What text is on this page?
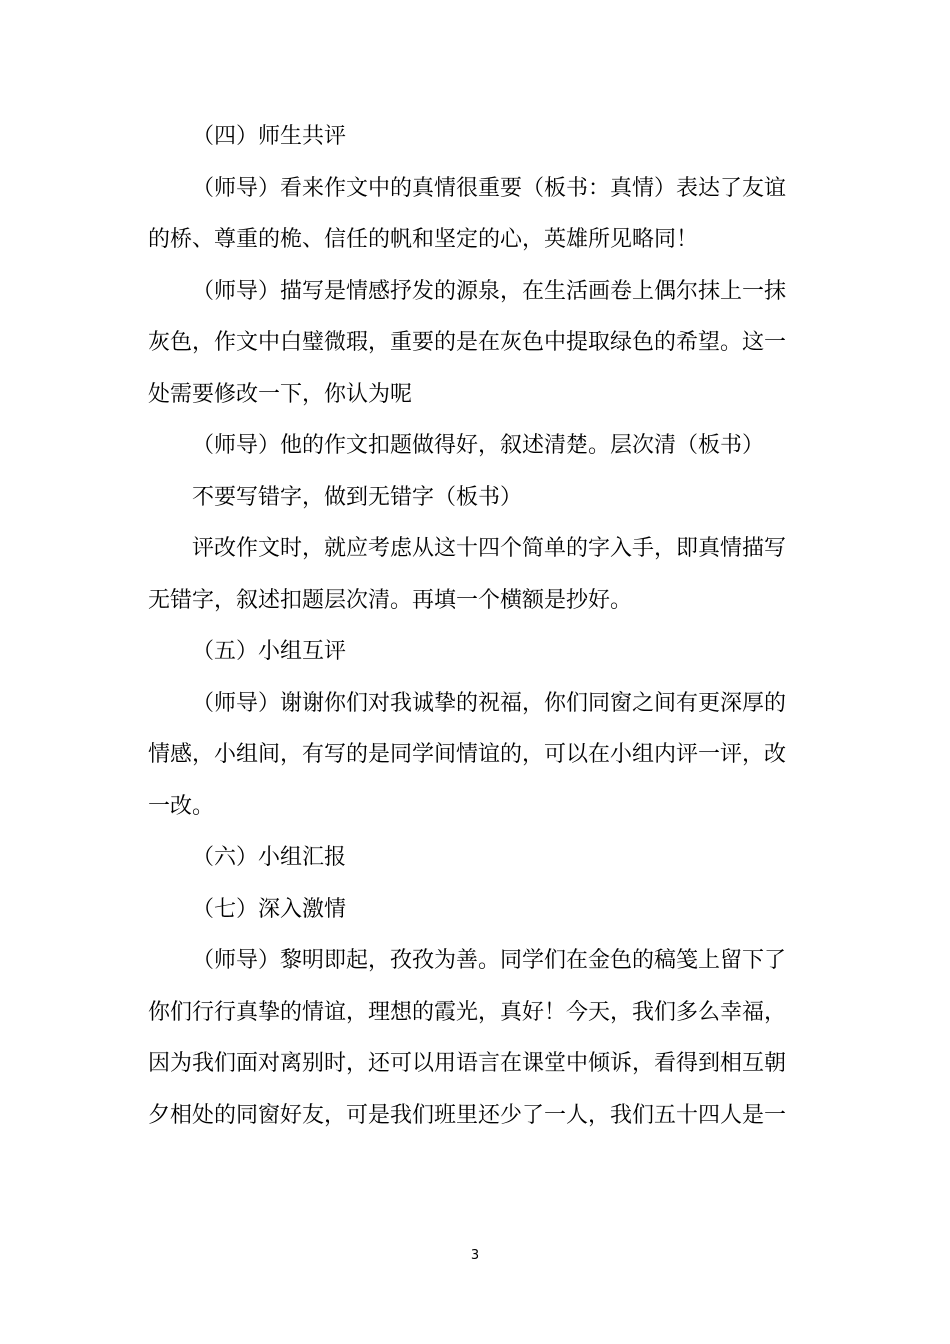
（四）师生共评
（师导）看来作文中的真情很重要（板书：真情）表达了友谊
的桥、尊重的桅、信任的帆和坚定的心，英雄所见略同！
（师导）描写是情感抒发的源泉，在生活画卷上偶尔抹上一抹
灰色，作文中白璧微瑕，重要的是在灰色中提取绿色的希望。这一
处需要修改一下，你认为呢
（师导）他的作文扣题做得好，叙述清楚。层次清（板书）
不要写错字，做到无错字（板书）
评改作文时，就应考虑从这十四个简单的字入手，即真情描写
无错字，叙述扣题层次清。再填一个横额是抄好。
（五）小组互评
（师导）谢谢你们对我诚挚的祝福，你们同窗之间有更深厚的
情感，小组间，有写的是同学间情谊的，可以在小组内评一评，改
一改。
（六）小组汇报
（七）深入激情
（师导）黎明即起，孜孜为善。同学们在金色的稿笺上留下了
你们行行真挚的情谊，理想的霞光，真好！今天，我们多么幸福，
因为我们面对离别时，还可以用语言在课堂中倾诉，看得到相互朝
夕相处的同窗好友，可是我们班里还少了一人，我们五十四人是一
3
